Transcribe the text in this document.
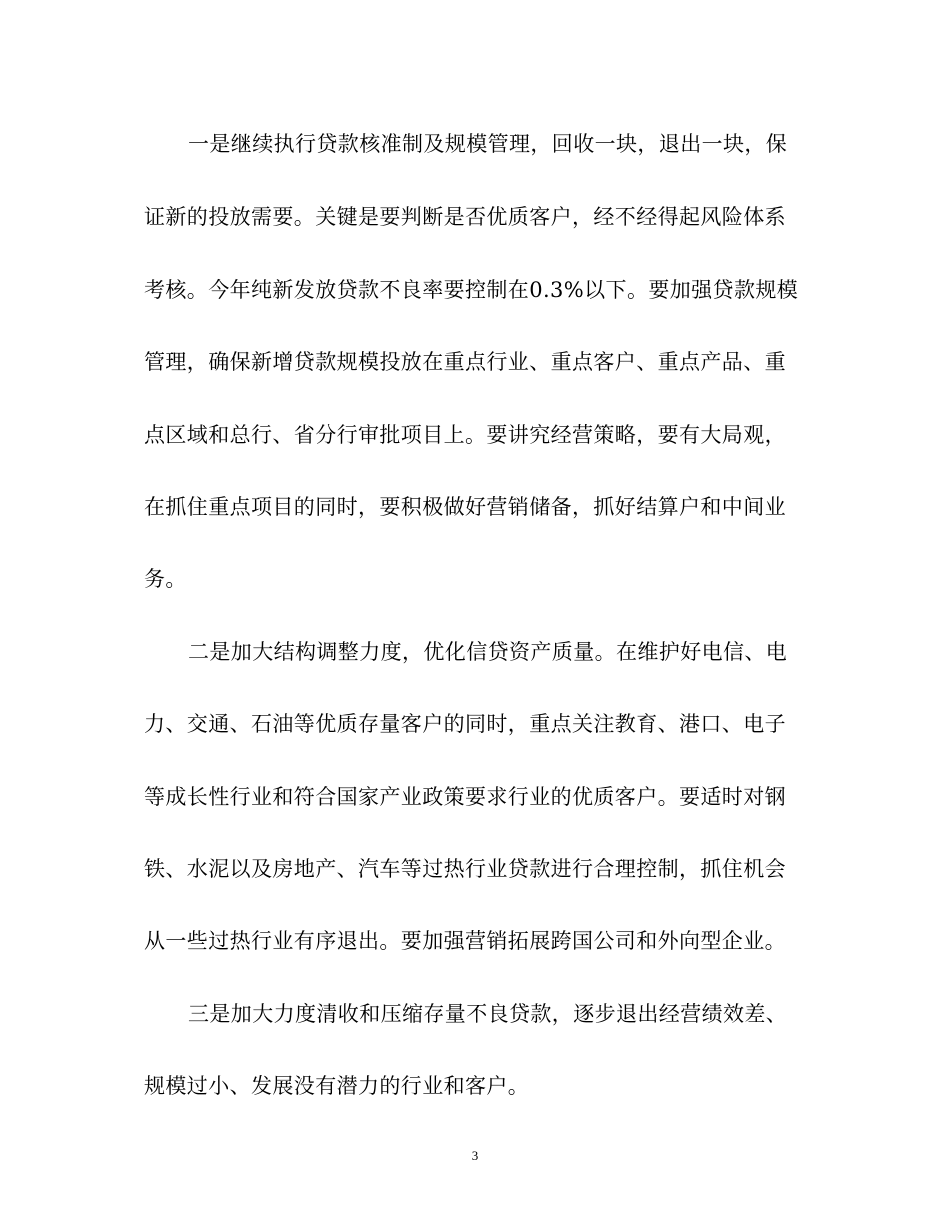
一是继续执行贷款核准制及规模管理，回收一块，退出一块，保
证新的投放需要。关键是要判断是否优质客户，经不经得起风险体系
考核。今年纯新发放贷款不良率要控制在0.3%以下。要加强贷款规模
管理，确保新增贷款规模投放在重点行业、重点客户、重点产品、重
点区域和总行、省分行审批项目上。要讲究经营策略，要有大局观，
在抓住重点项目的同时，要积极做好营销储备，抓好结算户和中间业
务。
二是加大结构调整力度，优化信贷资产质量。在维护好电信、电
力、交通、石油等优质存量客户的同时，重点关注教育、港口、电子
等成长性行业和符合国家产业政策要求行业的优质客户。要适时对钢
铁、水泥以及房地产、汽车等过热行业贷款进行合理控制，抓住机会
从一些过热行业有序退出。要加强营销拓展跨国公司和外向型企业。
三是加大力度清收和压缩存量不良贷款，逐步退出经营绩效差、
规模过小、发展没有潜力的行业和客户。
3
